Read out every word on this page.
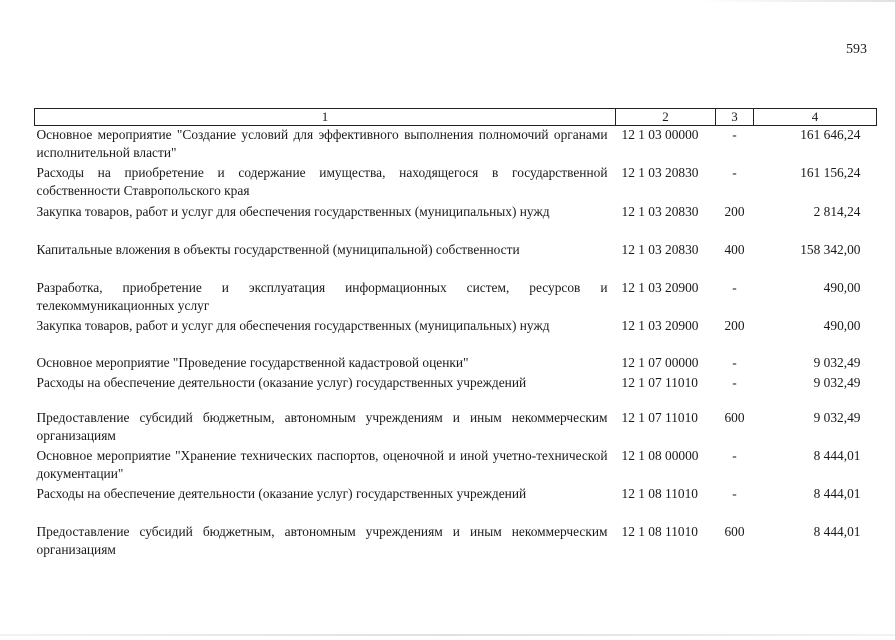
593
1	2	3	4
Основное мероприятие "Создание условий для эффективного выполнения полномочий органами исполнительной власти"	12 1 03 00000	-	161 646,24
Расходы на приобретение и содержание имущества, находящегося в государственной собственности Ставропольского края	12 1 03 20830	-	161 156,24
Закупка товаров, работ и услуг для обеспечения государственных (муниципальных) нужд	12 1 03 20830	200	2 814,24
Капитальные вложения в объекты государственной (муниципальной) собственности	12 1 03 20830	400	158 342,00
Разработка, приобретение и эксплуатация информационных систем, ресурсов и телекоммуникационных услуг	12 1 03 20900	-	490,00
Закупка товаров, работ и услуг для обеспечения государственных (муниципальных) нужд	12 1 03 20900	200	490,00
Основное мероприятие "Проведение государственной кадастровой оценки"	12 1 07 00000	-	9 032,49
Расходы на обеспечение деятельности (оказание услуг) государственных учреждений	12 1 07 11010	-	9 032,49
Предоставление субсидий бюджетным, автономным учреждениям и иным некоммерческим организациям	12 1 07 11010	600	9 032,49
Основное мероприятие "Хранение технических паспортов, оценочной и иной учетно-технической документации"	12 1 08 00000	-	8 444,01
Расходы на обеспечение деятельности (оказание услуг) государственных учреждений	12 1 08 11010	-	8 444,01
Предоставление субсидий бюджетным, автономным учреждениям и иным некоммерческим организациям	12 1 08 11010	600	8 444,01
